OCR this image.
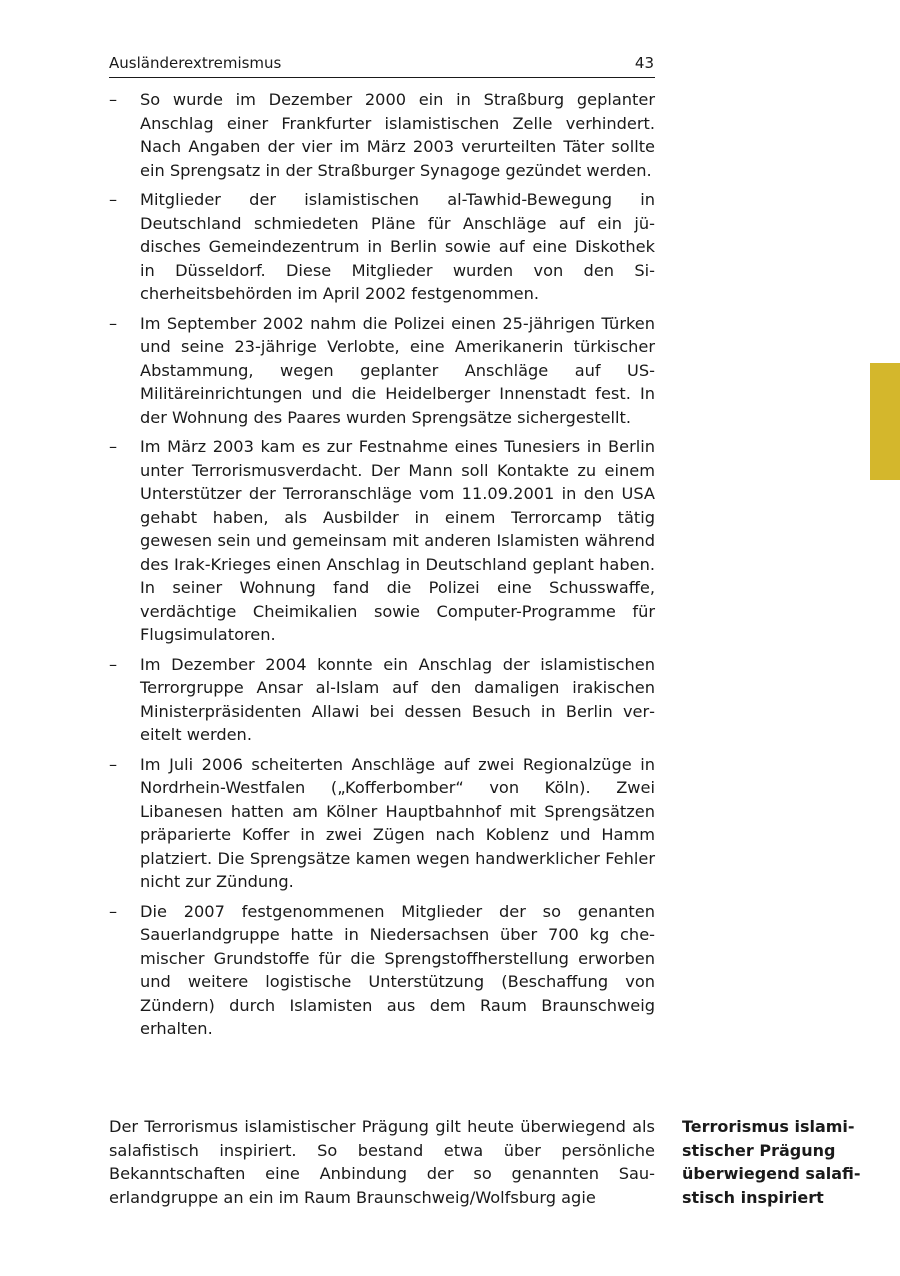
Ausländerextremismus	43
– So wurde im Dezember 2000 ein in Straßburg geplanter Anschlag einer Frankfurter islamistischen Zelle verhindert. Nach Angaben der vier im März 2003 verurteilten Täter sollte ein Sprengsatz in der Straßburger Synagoge gezündet werden.
– Mitglieder der islamistischen al-Tawhid-Bewegung in Deutschland schmiedeten Pläne für Anschläge auf ein jüdisches Gemeindezentrum in Berlin sowie auf eine Diskothek in Düsseldorf. Diese Mitglieder wurden von den Sicherheitsbehörden im April 2002 festgenommen.
– Im September 2002 nahm die Polizei einen 25-jährigen Türken und seine 23-jährige Verlobte, eine Amerikanerin türkischer Abstammung, wegen geplanter Anschläge auf US-Militäreinrichtungen und die Heidelberger Innenstadt fest. In der Wohnung des Paares wurden Sprengsätze sichergestellt.
– Im März 2003 kam es zur Festnahme eines Tunesiers in Berlin unter Terrorismusverdacht. Der Mann soll Kontakte zu einem Unterstützer der Terroranschläge vom 11.09.2001 in den USA gehabt haben, als Ausbilder in einem Terrorcamp tätig gewesen sein und gemeinsam mit anderen Islamisten während des Irak-Krieges einen Anschlag in Deutschland geplant haben. In seiner Wohnung fand die Polizei eine Schusswaffe, verdächtige Cheimikalien sowie Computer-Programme für Flugsimulatoren.
– Im Dezember 2004 konnte ein Anschlag der islamistischen Terrorgruppe Ansar al-Islam auf den damaligen irakischen Ministerpräsidenten Allawi bei dessen Besuch in Berlin vereitelt werden.
– Im Juli 2006 scheiterten Anschläge auf zwei Regionalzüge in Nordrhein-Westfalen („Kofferbomber“ von Köln). Zwei Libanesen hatten am Kölner Hauptbahnhof mit Sprengsätzen präparierte Koffer in zwei Zügen nach Koblenz und Hamm platziert. Die Sprengsätze kamen wegen handwerklicher Fehler nicht zur Zündung.
– Die 2007 festgenommenen Mitglieder der so genanten Sauerlandgruppe hatte in Niedersachsen über 700 kg chemischer Grundstoffe für die Sprengstoffherstellung erworben und weitere logistische Unterstützung (Beschaffung von Zündern) durch Islamisten aus dem Raum Braunschweig erhalten.

Der Terrorismus islamistischer Prägung gilt heute überwiegend als salafistisch inspiriert. So bestand etwa über persönliche Bekanntschaften eine Anbindung der so genannten Sauerlandgruppe an ein im Raum Braunschweig/Wolfsburg agie

Terrorismus islamistischer Prägung überwiegend salafistisch inspiriert
